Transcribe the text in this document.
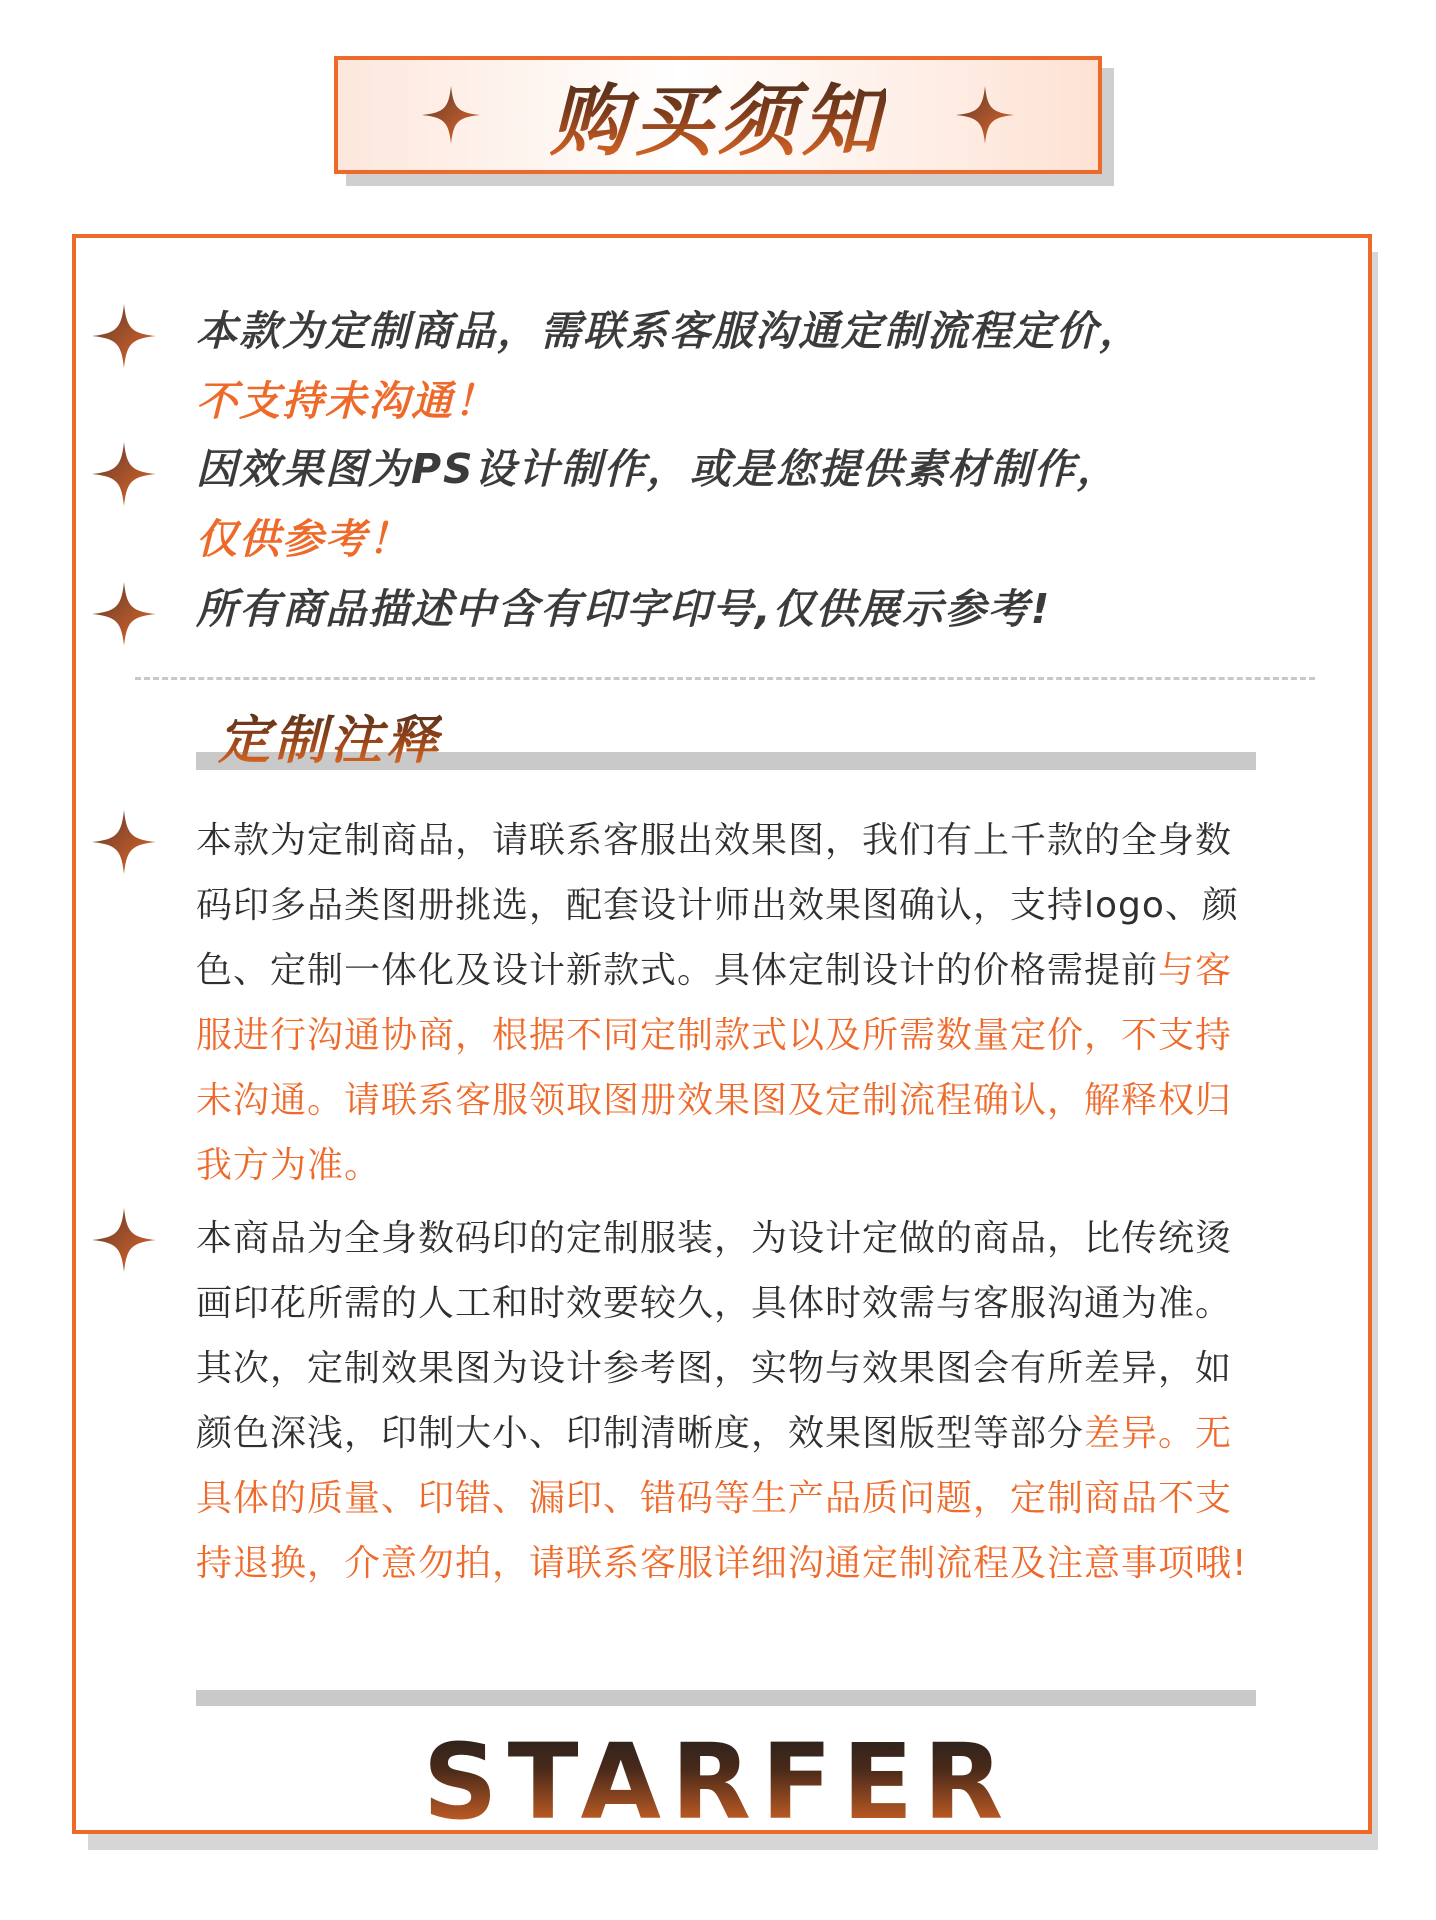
购买须知
本款为定制商品，需联系客服沟通定制流程定价，
不支持未沟通！
因效果图为PS设计制作，或是您提供素材制作，
仅供参考！
所有商品描述中含有印字印号,仅供展示参考!
定制注释
本款为定制商品，请联系客服出效果图，我们有上千款的全身数码印多品类图册挑选，配套设计师出效果图确认，支持logo、颜色、定制一体化及设计新款式。具体定制设计的价格需提前与客服进行沟通协商，根据不同定制款式以及所需数量定价，不支持未沟通。请联系客服领取图册效果图及定制流程确认，解释权归我方为准。
本商品为全身数码印的定制服装，为设计定做的商品，比传统烫画印花所需的人工和时效要较久，具体时效需与客服沟通为准。其次，定制效果图为设计参考图，实物与效果图会有所差异，如颜色深浅，印制大小、印制清晰度，效果图版型等部分差异。无具体的质量、印错、漏印、错码等生产品质问题，定制商品不支持退换，介意勿拍，请联系客服详细沟通定制流程及注意事项哦!
STARFER
